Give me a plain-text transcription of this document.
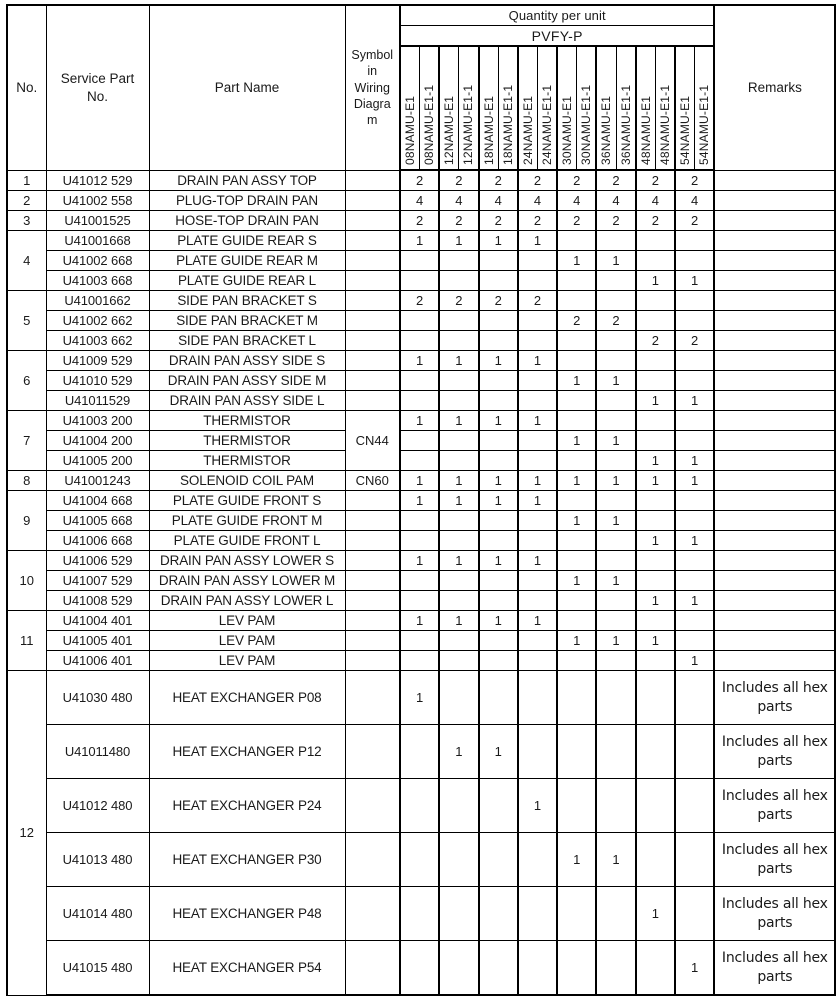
No.	Service Part
No.	Part Name	Symbol
in
Wiring
Diagra
m	Quantity per unit																Remarks
				PVFY-P																

				08NAMU-E1	08NAMU-E1-1	12NAMU-E1	12NAMU-E1-1	18NAMU-E1	18NAMU-E1-1	24NAMU-E1	24NAMU-E1-1	30NAMU-E1	30NAMU-E1-1	36NAMU-E1	36NAMU-E1-1	48NAMU-E1	48NAMU-E1-1	54NAMU-E1	54NAMU-E1-1	

1	U41012 529	DRAIN PAN ASSY TOP		2		2		2		2		2		2		2		2		
2	U41002 558	PLUG-TOP DRAIN PAN		4		4		4		4		4		4		4		4		
3	U41001525	HOSE-TOP DRAIN PAN		2		2		2		2		2		2		2		2		
4	U41001668	PLATE GUIDE REAR S		1		1		1		1										
	U41002 668	PLATE GUIDE REAR M										1		1						
	U41003 668	PLATE GUIDE REAR L														1		1		
5	U41001662	SIDE PAN BRACKET S		2		2		2		2										
	U41002 662	SIDE PAN BRACKET M										2		2						
	U41003 662	SIDE PAN BRACKET L														2		2		
6	U41009 529	DRAIN PAN ASSY SIDE S		1		1		1		1										
	U41010 529	DRAIN PAN ASSY SIDE M										1		1						
	U41011529	DRAIN PAN ASSY SIDE L														1		1		
7	U41003 200	THERMISTOR	CN44	1		1		1		1										
	U41004 200	THERMISTOR										1		1						
	U41005 200	THERMISTOR														1		1		
8	U41001243	SOLENOID COIL PAM	CN60	1		1		1		1		1		1		1		1		
9	U41004 668	PLATE GUIDE FRONT S		1		1		1		1										
	U41005 668	PLATE GUIDE FRONT M										1		1						
	U41006 668	PLATE GUIDE FRONT L														1		1		
10	U41006 529	DRAIN PAN ASSY LOWER S		1		1		1		1										
	U41007 529	DRAIN PAN ASSY LOWER M										1		1						
	U41008 529	DRAIN PAN ASSY LOWER L														1		1		
11	U41004 401	LEV PAM		1		1		1		1										
	U41005 401	LEV PAM										1		1		1				
	U41006 401	LEV PAM																1		
12	U41030 480	HEAT EXCHANGER P08		1																Includes all hex parts
	U41011480	HEAT EXCHANGER P12				1		1												Includes all hex parts
	U41012 480	HEAT EXCHANGER P24								1										Includes all hex parts
	U41013 480	HEAT EXCHANGER P30										1		1						Includes all hex parts
	U41014 480	HEAT EXCHANGER P48														1				Includes all hex parts
	U41015 480	HEAT EXCHANGER P54																1		Includes all hex parts
